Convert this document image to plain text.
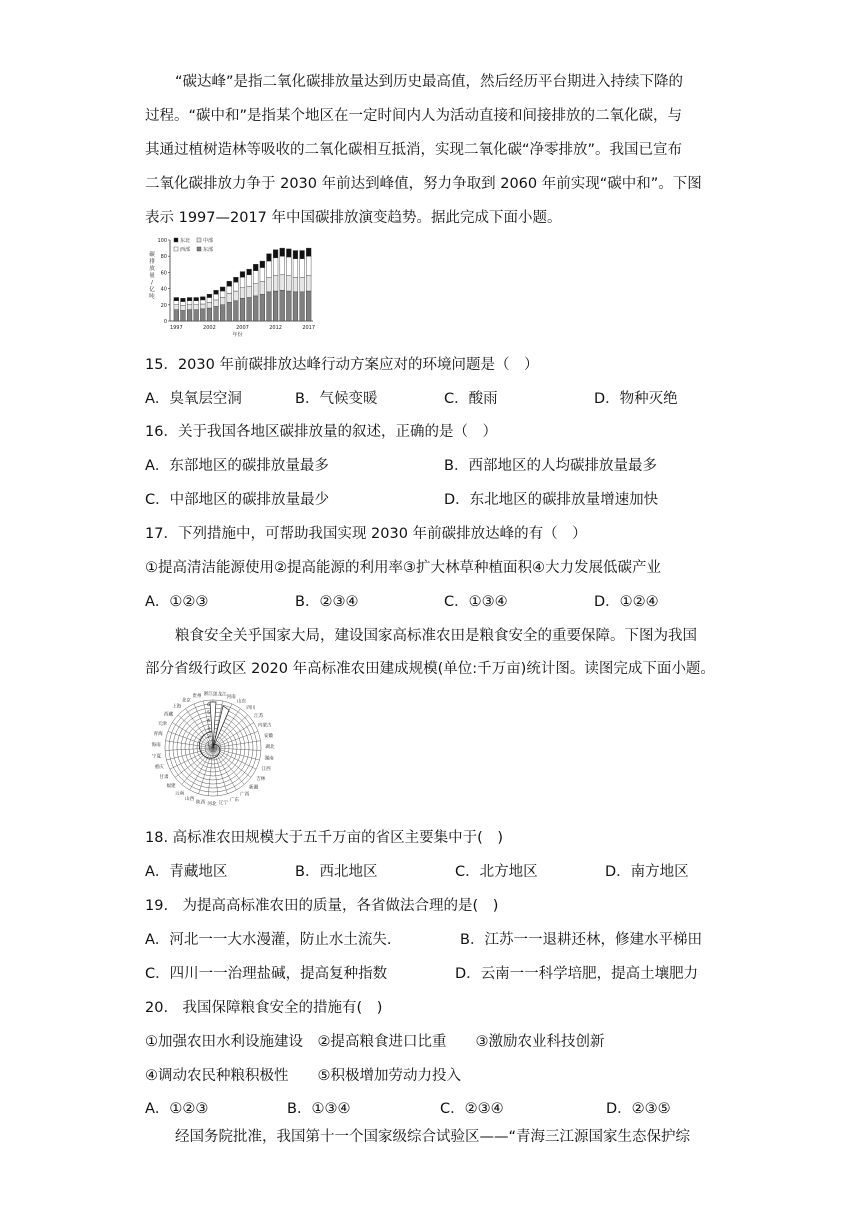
“碳达峰”是指二氧化碳排放量达到历史最高值，然后经历平台期进入持续下降的
过程。“碳中和”是指某个地区在一定时间内人为活动直接和间接排放的二氧化碳，与
其通过植树造林等吸收的二氧化碳相互抵消，实现二氧化碳“净零排放”。我国已宣布
二氧化碳排放力争于 2030 年前达到峰值，努力争取到 2060 年前实现“碳中和”。下图
表示 1997—2017 年中国碳排放演变趋势。据此完成下面小题。
100
80
60
40
20
0
碳
排
放
量
/
亿
吨
1997	2002	2007	2012	2017
年份
东北	中部
西部	东部
15．2030 年前碳排放达峰行动方案应对的环境问题是（　）
A．臭氧层空洞	B．气候变暖	C．酸雨	D．物种灭绝
16．关于我国各地区碳排放量的叙述，正确的是（　）
A．东部地区的碳排放量最多	B．西部地区的人均碳排放量最多
C．中部地区的碳排放量最少	D．东北地区的碳排放量增速加快
17．下列措施中，可帮助我国实现 2030 年前碳排放达峰的有（　）
①提高清洁能源使用②提高能源的利用率③扩大林草种植面积④大力发展低碳产业
A．①②③	B．②③④	C．①③④	D．①②④
粮食安全关乎国家大局，建设国家高标准农田是粮食安全的重要保障。下图为我国
部分省级行政区 2020 年高标准农田建成规模(单位:千万亩)统计图。读图完成下面小题。
6
5
4
3
2
1
黑龙江 河南
山东
四川
江苏
内蒙古
安徽
湖北
湖南
江西
吉林
新疆
广西
广东
辽宁
河北
陕西
山西
云南
福建
甘肃
重庆
宁夏
海南
青海
天津
西藏
上海
北京
贵州 浙江
18. 高标准农田规模大于五千万亩的省区主要集中于(　)
A．青藏地区	B．西北地区	C．北方地区	D．南方地区
19.　为提高高标准农田的质量，各省做法合理的是(　)
A．河北一一大水漫灌，防止水土流失.	B．江苏一一退耕还林，修建水平梯田
C．四川一一治理盐碱，提高复种指数	D．云南一一科学培肥，提高土壤肥力
20.　我国保障粮食安全的措施有(　)
①加强农田水利设施建设　②提高粮食进口比重　　③激励农业科技创新
④调动农民种粮积极性　　⑤积极增加劳动力投入
A．①②③	B．①③④	C．②③④	D．②③⑤
经国务院批准，我国第十一个国家级综合试验区——“青海三江源国家生态保护综
